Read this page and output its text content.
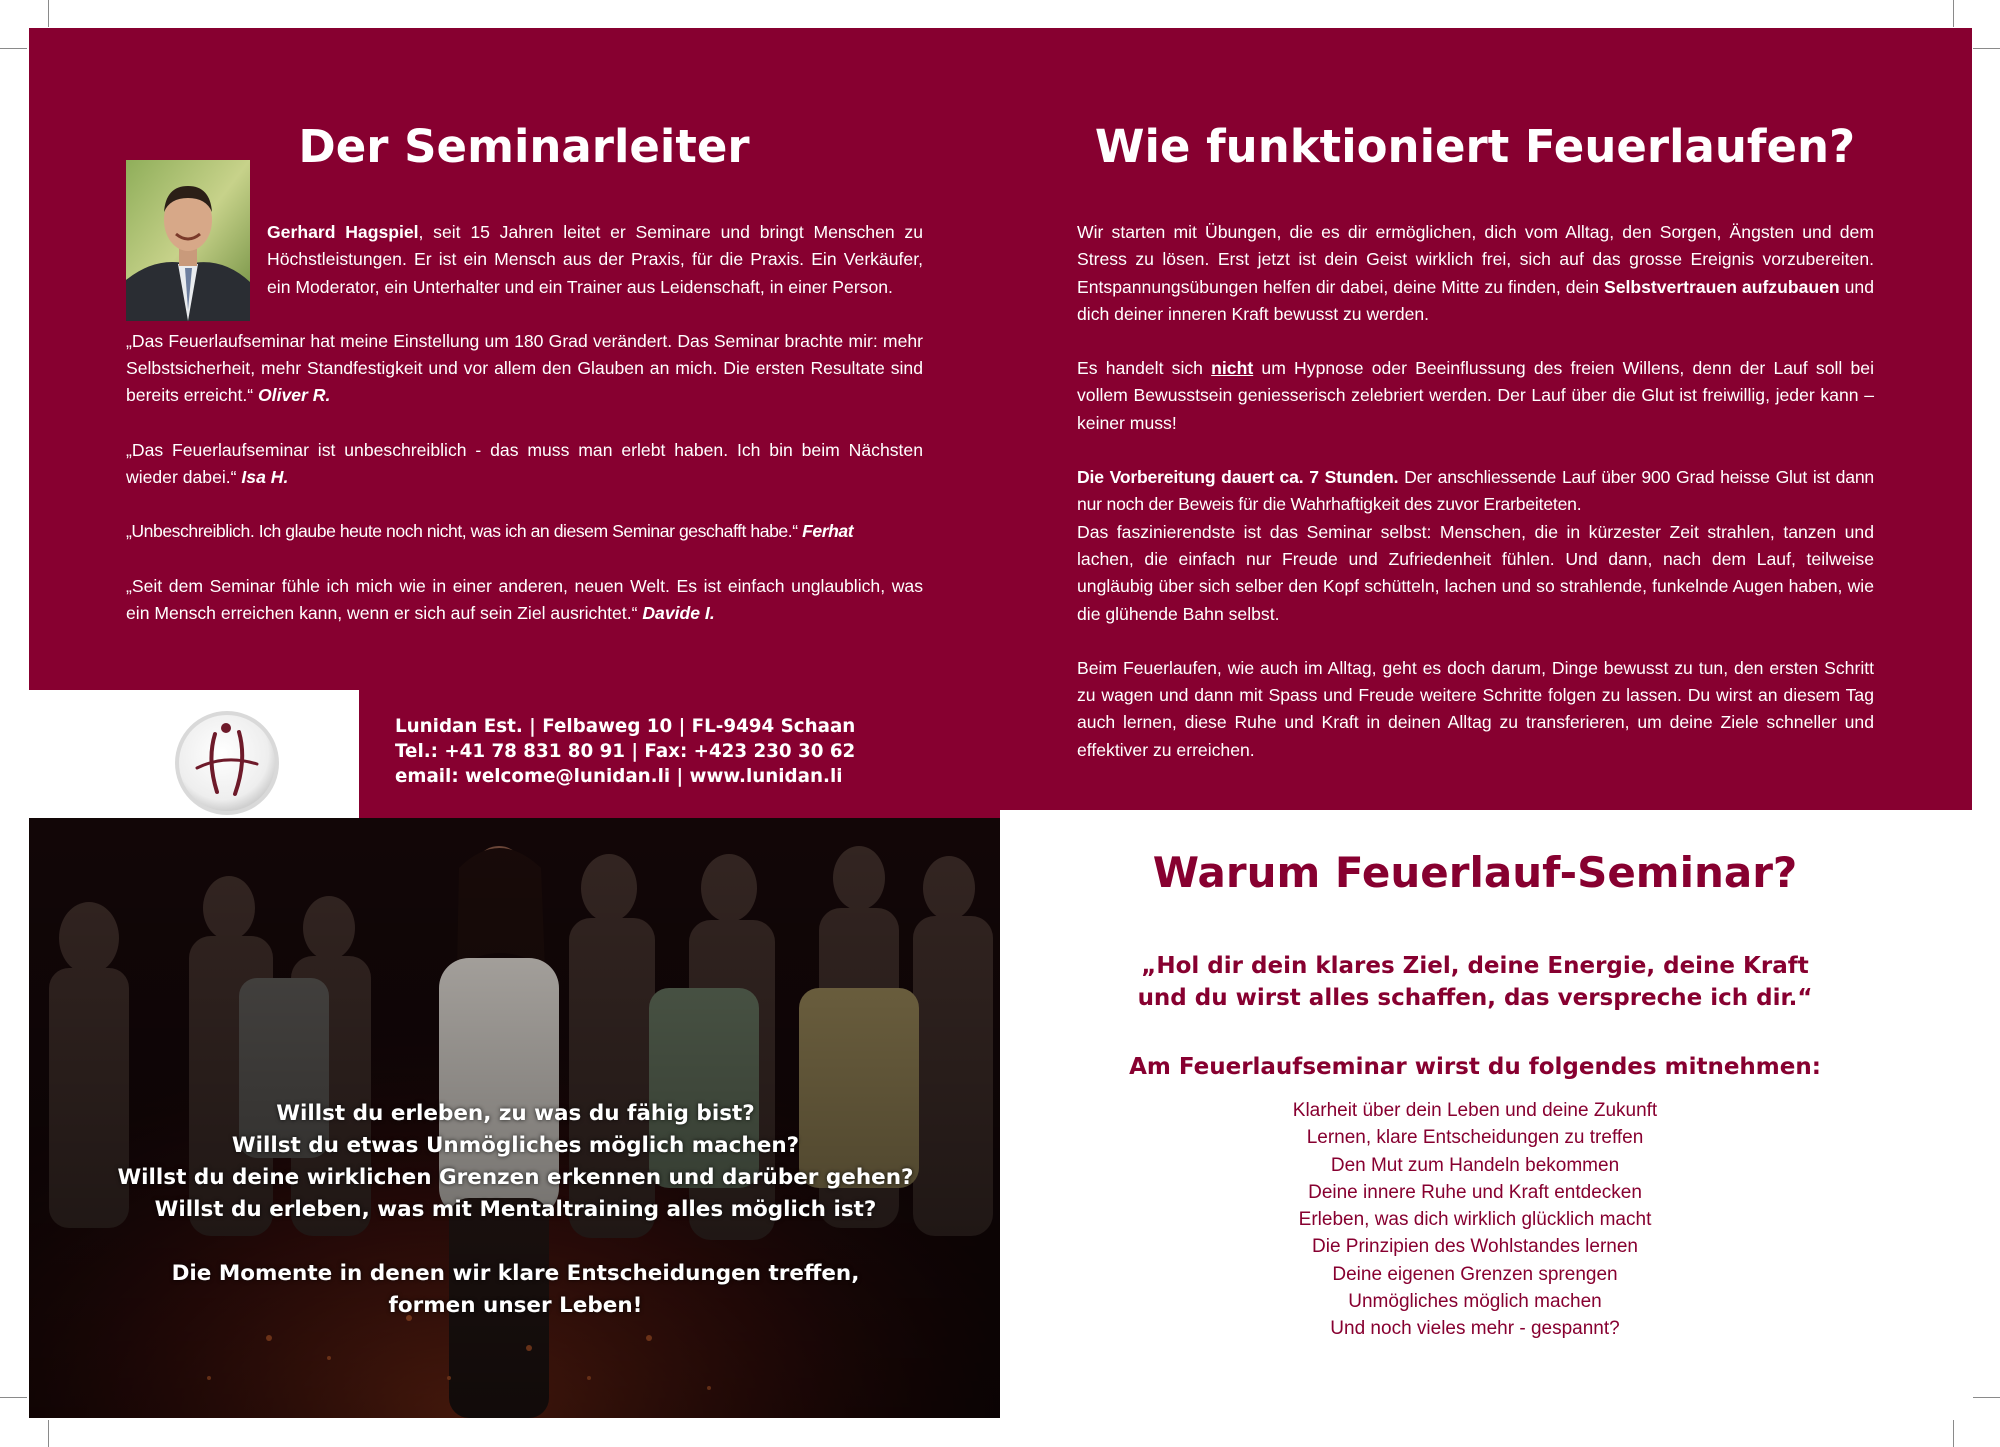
Der Seminarleiter

Gerhard Hagspiel, seit 15 Jahren leitet er Seminare und bringt Menschen zu Höchstleistungen. Er ist ein Mensch aus der Praxis, für die Praxis. Ein Verkäufer, ein Moderator, ein Unterhalter und ein Trainer aus Leidenschaft, in einer Person.

„Das Feuerlaufseminar hat meine Einstellung um 180 Grad verändert. Das Seminar brachte mir: mehr Selbstsicherheit, mehr Standfestigkeit und vor allem den Glauben an mich. Die ersten Resultate sind bereits erreicht.“ Oliver R.

„Das Feuerlaufseminar ist unbeschreiblich - das muss man erlebt haben. Ich bin beim Nächsten wieder dabei.“ Isa H.

„Unbeschreiblich. Ich glaube heute noch nicht, was ich an diesem Seminar geschafft habe.“ Ferhat

„Seit dem Seminar fühle ich mich wie in einer anderen, neuen Welt. Es ist einfach unglaublich, was ein Mensch erreichen kann, wenn er sich auf sein Ziel ausrichtet.“ Davide I.

Lunidan Est. | Felbaweg 10 | FL-9494 Schaan
Tel.: +41 78 831 80 91 | Fax: +423 230 30 62
email: welcome@lunidan.li | www.lunidan.li

Willst du erleben, zu was du fähig bist?

Willst du etwas Unmögliches möglich machen?

Willst du deine wirklichen Grenzen erkennen und darüber gehen?

Willst du erleben, was mit Mentaltraining alles möglich ist?

Die Momente in denen wir klare Entscheidungen treffen,

formen unser Leben!

Wie funktioniert Feuerlaufen?

Wir starten mit Übungen, die es dir ermöglichen, dich vom Alltag, den Sorgen, Ängsten und dem Stress zu lösen. Erst jetzt ist dein Geist wirklich frei, sich auf das grosse Ereignis vorzubereiten. Entspannungsübungen helfen dir dabei, deine Mitte zu finden, dein Selbstvertrauen aufzubauen und dich deiner inneren Kraft bewusst zu werden.

Es handelt sich nicht um Hypnose oder Beeinflussung des freien Willens, denn der Lauf soll bei vollem Bewusstsein geniesserisch zelebriert werden. Der Lauf über die Glut ist freiwillig, jeder kann – keiner muss!

Die Vorbereitung dauert ca. 7 Stunden. Der anschliessende Lauf über 900 Grad heisse Glut ist dann nur noch der Beweis für die Wahrhaftigkeit des zuvor Erarbeiteten.

Das faszinierendste ist das Seminar selbst: Menschen, die in kürzester Zeit strahlen, tanzen und lachen, die einfach nur Freude und Zufriedenheit fühlen. Und dann, nach dem Lauf, teilweise ungläubig über sich selber den Kopf schütteln, lachen und so strahlende, funkelnde Augen haben, wie die glühende Bahn selbst.

Beim Feuerlaufen, wie auch im Alltag, geht es doch darum, Dinge bewusst zu tun, den ersten Schritt zu wagen und dann mit Spass und Freude weitere Schritte folgen zu lassen. Du wirst an diesem Tag auch lernen, diese Ruhe und Kraft in deinen Alltag zu transferieren, um deine Ziele schneller und effektiver zu erreichen.

Warum Feuerlauf-Seminar?
„Hol dir dein klares Ziel, deine Energie, deine Kraft
und du wirst alles schaffen, das verspreche ich dir.“
Am Feuerlaufseminar wirst du folgendes mitnehmen:
Klarheit über dein Leben und deine Zukunft
Lernen, klare Entscheidungen zu treffen
Den Mut zum Handeln bekommen
Deine innere Ruhe und Kraft entdecken
Erleben, was dich wirklich glücklich macht
Die Prinzipien des Wohlstandes lernen
Deine eigenen Grenzen sprengen
Unmögliches möglich machen
Und noch vieles mehr - gespannt?
